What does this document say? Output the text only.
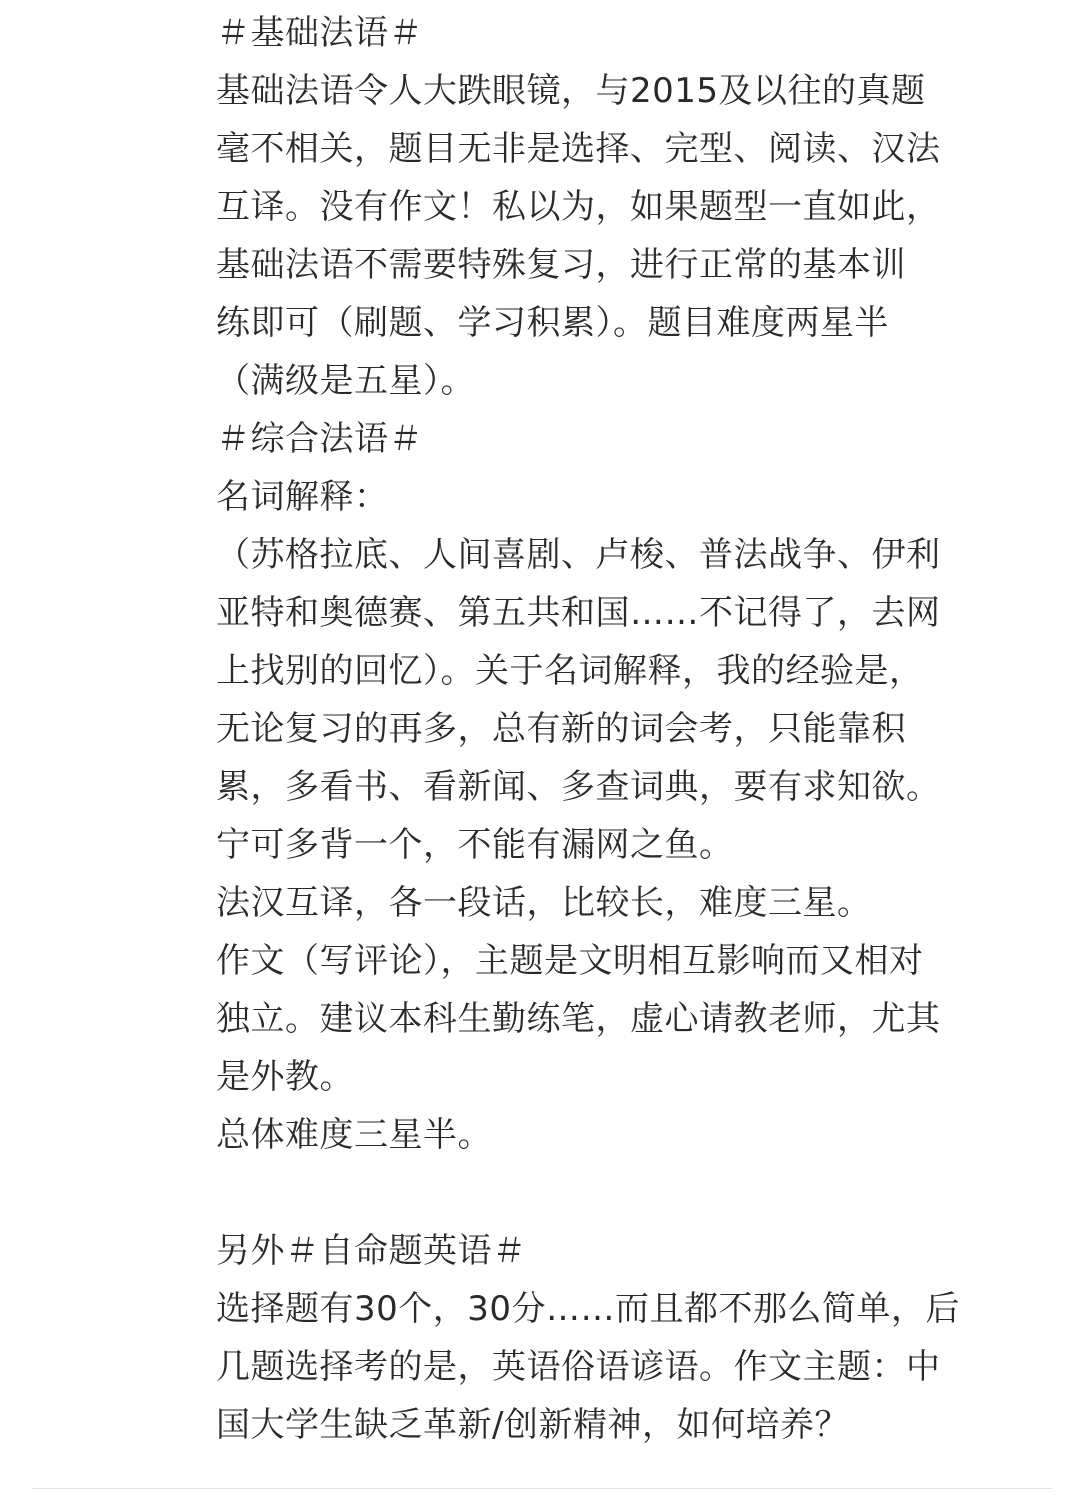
＃基础法语＃
基础法语令人大跌眼镜，与2015及以往的真题
毫不相关，题目无非是选择、完型、阅读、汉法
互译。没有作文！私以为，如果题型一直如此，
基础法语不需要特殊复习，进行正常的基本训
练即可（刷题、学习积累）。题目难度两星半
（满级是五星）。
＃综合法语＃
名词解释：
（苏格拉底、人间喜剧、卢梭、普法战争、伊利
亚特和奥德赛、第五共和国……不记得了，去网
上找别的回忆）。关于名词解释，我的经验是，
无论复习的再多，总有新的词会考，只能靠积
累，多看书、看新闻、多查词典，要有求知欲。
宁可多背一个，不能有漏网之鱼。
法汉互译，各一段话，比较长，难度三星。
作文（写评论），主题是文明相互影响而又相对
独立。建议本科生勤练笔，虚心请教老师，尤其
是外教。
总体难度三星半。
另外＃自命题英语＃
选择题有30个，30分……而且都不那么简单，后
几题选择考的是，英语俗语谚语。作文主题：中
国大学生缺乏革新/创新精神，如何培养？
